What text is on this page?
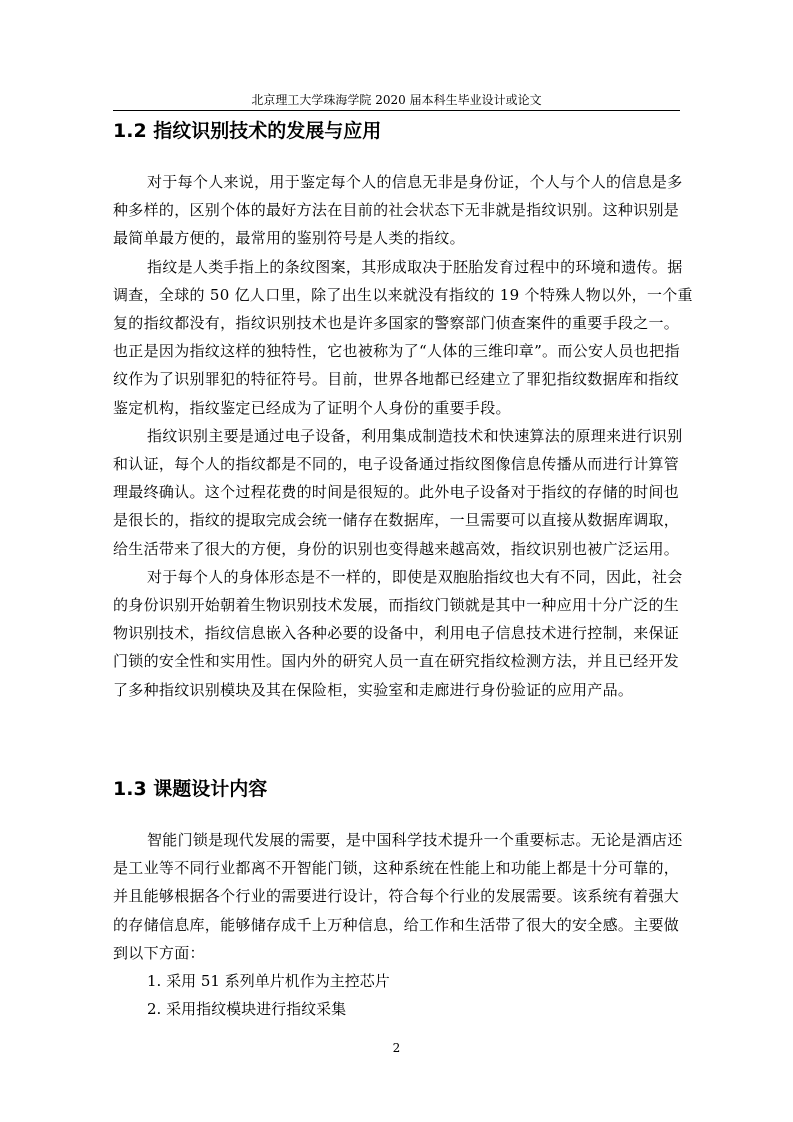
北京理工大学珠海学院 2020 届本科生毕业设计或论文
1.2 指纹识别技术的发展与应用

对于每个人来说，用于鉴定每个人的信息无非是身份证，个人与个人的信息是多种多样的，区别个体的最好方法在目前的社会状态下无非就是指纹识别。这种识别是最简单最方便的，最常用的鉴别符号是人类的指纹。

指纹是人类手指上的条纹图案，其形成取决于胚胎发育过程中的环境和遗传。据调查，全球的 50 亿人口里，除了出生以来就没有指纹的 19 个特殊人物以外，一个重复的指纹都没有，指纹识别技术也是许多国家的警察部门侦查案件的重要手段之一。也正是因为指纹这样的独特性，它也被称为了“人体的三维印章”。而公安人员也把指纹作为了识别罪犯的特征符号。目前，世界各地都已经建立了罪犯指纹数据库和指纹鉴定机构，指纹鉴定已经成为了证明个人身份的重要手段。

指纹识别主要是通过电子设备，利用集成制造技术和快速算法的原理来进行识别和认证，每个人的指纹都是不同的，电子设备通过指纹图像信息传播从而进行计算管理最终确认。这个过程花费的时间是很短的。此外电子设备对于指纹的存储的时间也是很长的，指纹的提取完成会统一储存在数据库，一旦需要可以直接从数据库调取，给生活带来了很大的方便，身份的识别也变得越来越高效，指纹识别也被广泛运用。

对于每个人的身体形态是不一样的，即使是双胞胎指纹也大有不同，因此，社会的身份识别开始朝着生物识别技术发展，而指纹门锁就是其中一种应用十分广泛的生物识别技术，指纹信息嵌入各种必要的设备中，利用电子信息技术进行控制，来保证门锁的安全性和实用性。国内外的研究人员一直在研究指纹检测方法，并且已经开发了多种指纹识别模块及其在保险柜，实验室和走廊进行身份验证的应用产品。

1.3 课题设计内容

智能门锁是现代发展的需要，是中国科学技术提升一个重要标志。无论是酒店还是工业等不同行业都离不开智能门锁，这种系统在性能上和功能上都是十分可靠的，并且能够根据各个行业的需要进行设计，符合每个行业的发展需要。该系统有着强大的存储信息库，能够储存成千上万种信息，给工作和生活带了很大的安全感。主要做到以下方面：

1. 采用 51 系列单片机作为主控芯片

2. 采用指纹模块进行指纹采集

2
